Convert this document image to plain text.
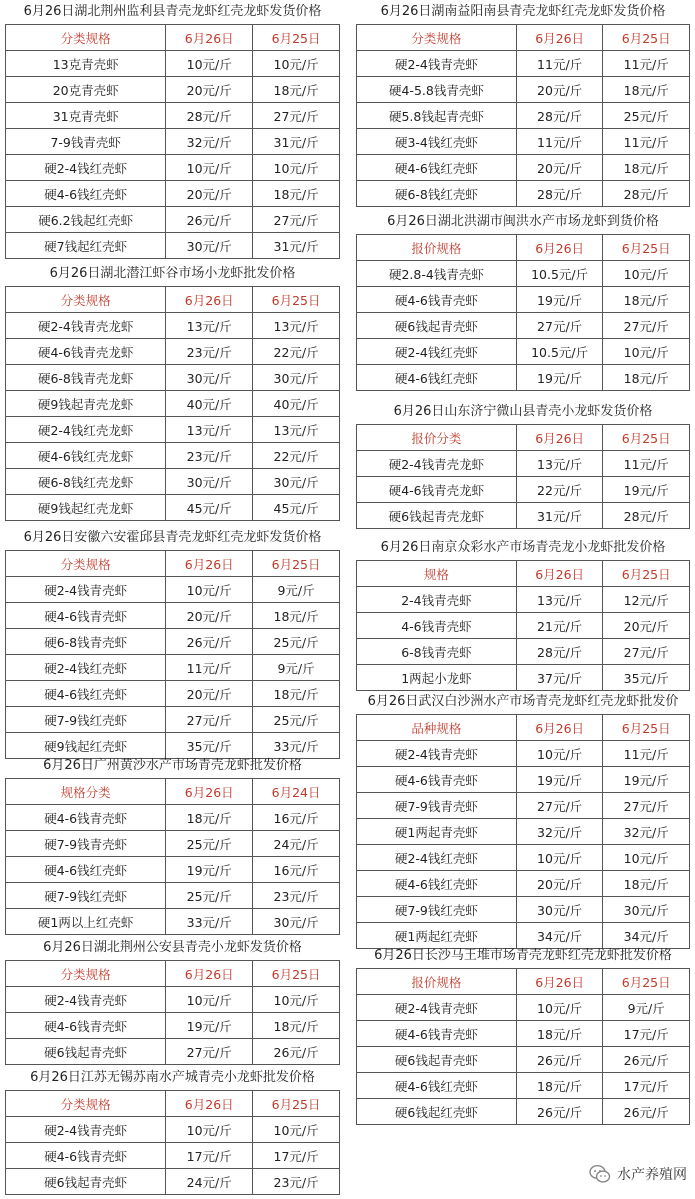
6月26日湖北荆州监利县青壳龙虾红壳龙虾发货价格
分类规格	6月26日	6月25日
13克青壳虾	10元/斤	10元/斤
20克青壳虾	20元/斤	18元/斤
31克青壳虾	28元/斤	27元/斤
7-9钱青壳虾	32元/斤	31元/斤
硬2-4钱红壳虾	10元/斤	10元/斤
硬4-6钱红壳虾	20元/斤	18元/斤
硬6.2钱起红壳虾	26元/斤	27元/斤
硬7钱起红壳虾	30元/斤	31元/斤
6月26日湖北潜江虾谷市场小龙虾批发价格
分类规格	6月26日	6月25日
硬2-4钱青壳龙虾	13元/斤	13元/斤
硬4-6钱青壳龙虾	23元/斤	22元/斤
硬6-8钱青壳龙虾	30元/斤	30元/斤
硬9钱起青壳龙虾	40元/斤	40元/斤
硬2-4钱红壳龙虾	13元/斤	13元/斤
硬4-6钱红壳龙虾	23元/斤	22元/斤
硬6-8钱红壳龙虾	30元/斤	30元/斤
硬9钱起红壳龙虾	45元/斤	45元/斤
6月26日安徽六安霍邱县青壳龙虾红壳龙虾发货价格
分类规格	6月26日	6月25日
硬2-4钱青壳虾	10元/斤	9元/斤
硬4-6钱青壳虾	20元/斤	18元/斤
硬6-8钱青壳虾	26元/斤	25元/斤
硬2-4钱红壳虾	11元/斤	9元/斤
硬4-6钱红壳虾	20元/斤	18元/斤
硬7-9钱红壳虾	27元/斤	25元/斤
硬9钱起红壳虾	35元/斤	33元/斤
6月26日广州黄沙水产市场青壳龙虾批发价格
规格分类	6月26日	6月24日
硬4-6钱青壳虾	18元/斤	16元/斤
硬7-9钱青壳虾	25元/斤	24元/斤
硬4-6钱红壳虾	19元/斤	16元/斤
硬7-9钱红壳虾	25元/斤	23元/斤
硬1两以上红壳虾	33元/斤	30元/斤
6月26日湖北荆州公安县青壳小龙虾发货价格
分类规格	6月26日	6月25日
硬2-4钱青壳虾	10元/斤	10元/斤
硬4-6钱青壳虾	19元/斤	18元/斤
硬6钱起青壳虾	27元/斤	26元/斤
6月26日江苏无锡苏南水产城青壳小龙虾批发价格
分类规格	6月26日	6月25日
硬2-4钱青壳虾	10元/斤	10元/斤
硬4-6钱青壳虾	17元/斤	17元/斤
硬6钱起青壳虾	24元/斤	23元/斤
6月26日湖南益阳南县青壳龙虾红壳龙虾发货价格
分类规格	6月26日	6月25日
硬2-4钱青壳虾	11元/斤	11元/斤
硬4-5.8钱青壳虾	20元/斤	18元/斤
硬5.8钱起青壳虾	28元/斤	25元/斤
硬3-4钱红壳虾	11元/斤	11元/斤
硬4-6钱红壳虾	20元/斤	18元/斤
硬6-8钱红壳虾	28元/斤	28元/斤
6月26日湖北洪湖市闽洪水产市场龙虾到货价格
报价规格	6月26日	6月25日
硬2.8-4钱青壳虾	10.5元/斤	10元/斤
硬4-6钱青壳虾	19元/斤	18元/斤
硬6钱起青壳虾	27元/斤	27元/斤
硬2-4钱红壳虾	10.5元/斤	10元/斤
硬4-6钱红壳虾	19元/斤	18元/斤
6月26日山东济宁微山县青壳小龙虾发货价格
报价分类	6月26日	6月25日
硬2-4钱青壳龙虾	13元/斤	11元/斤
硬4-6钱青壳龙虾	22元/斤	19元/斤
硬6钱起青壳龙虾	31元/斤	28元/斤
6月26日南京众彩水产市场青壳龙小龙虾批发价格
规格	6月26日	6月25日
2-4钱青壳虾	13元/斤	12元/斤
4-6钱青壳虾	21元/斤	20元/斤
6-8钱青壳虾	28元/斤	27元/斤
1两起小龙虾	37元/斤	35元/斤
6月26日武汉白沙洲水产市场青壳龙虾红壳龙虾批发价
品种规格	6月26日	6月25日
硬2-4钱青壳虾	10元/斤	11元/斤
硬4-6钱青壳虾	19元/斤	19元/斤
硬7-9钱青壳虾	27元/斤	27元/斤
硬1两起青壳虾	32元/斤	32元/斤
硬2-4钱红壳虾	10元/斤	10元/斤
硬4-6钱红壳虾	20元/斤	18元/斤
硬7-9钱红壳虾	30元/斤	30元/斤
硬1两起红壳虾	34元/斤	34元/斤
6月26日长沙马王堆市场青壳龙虾红壳龙虾批发价格
报价规格	6月26日	6月25日
硬2-4钱青壳虾	10元/斤	9元/斤
硬4-6钱青壳虾	18元/斤	17元/斤
硬6钱起青壳虾	26元/斤	26元/斤
硬4-6钱红壳虾	18元/斤	17元/斤
硬6钱起红壳虾	26元/斤	26元/斤
水产养殖网
